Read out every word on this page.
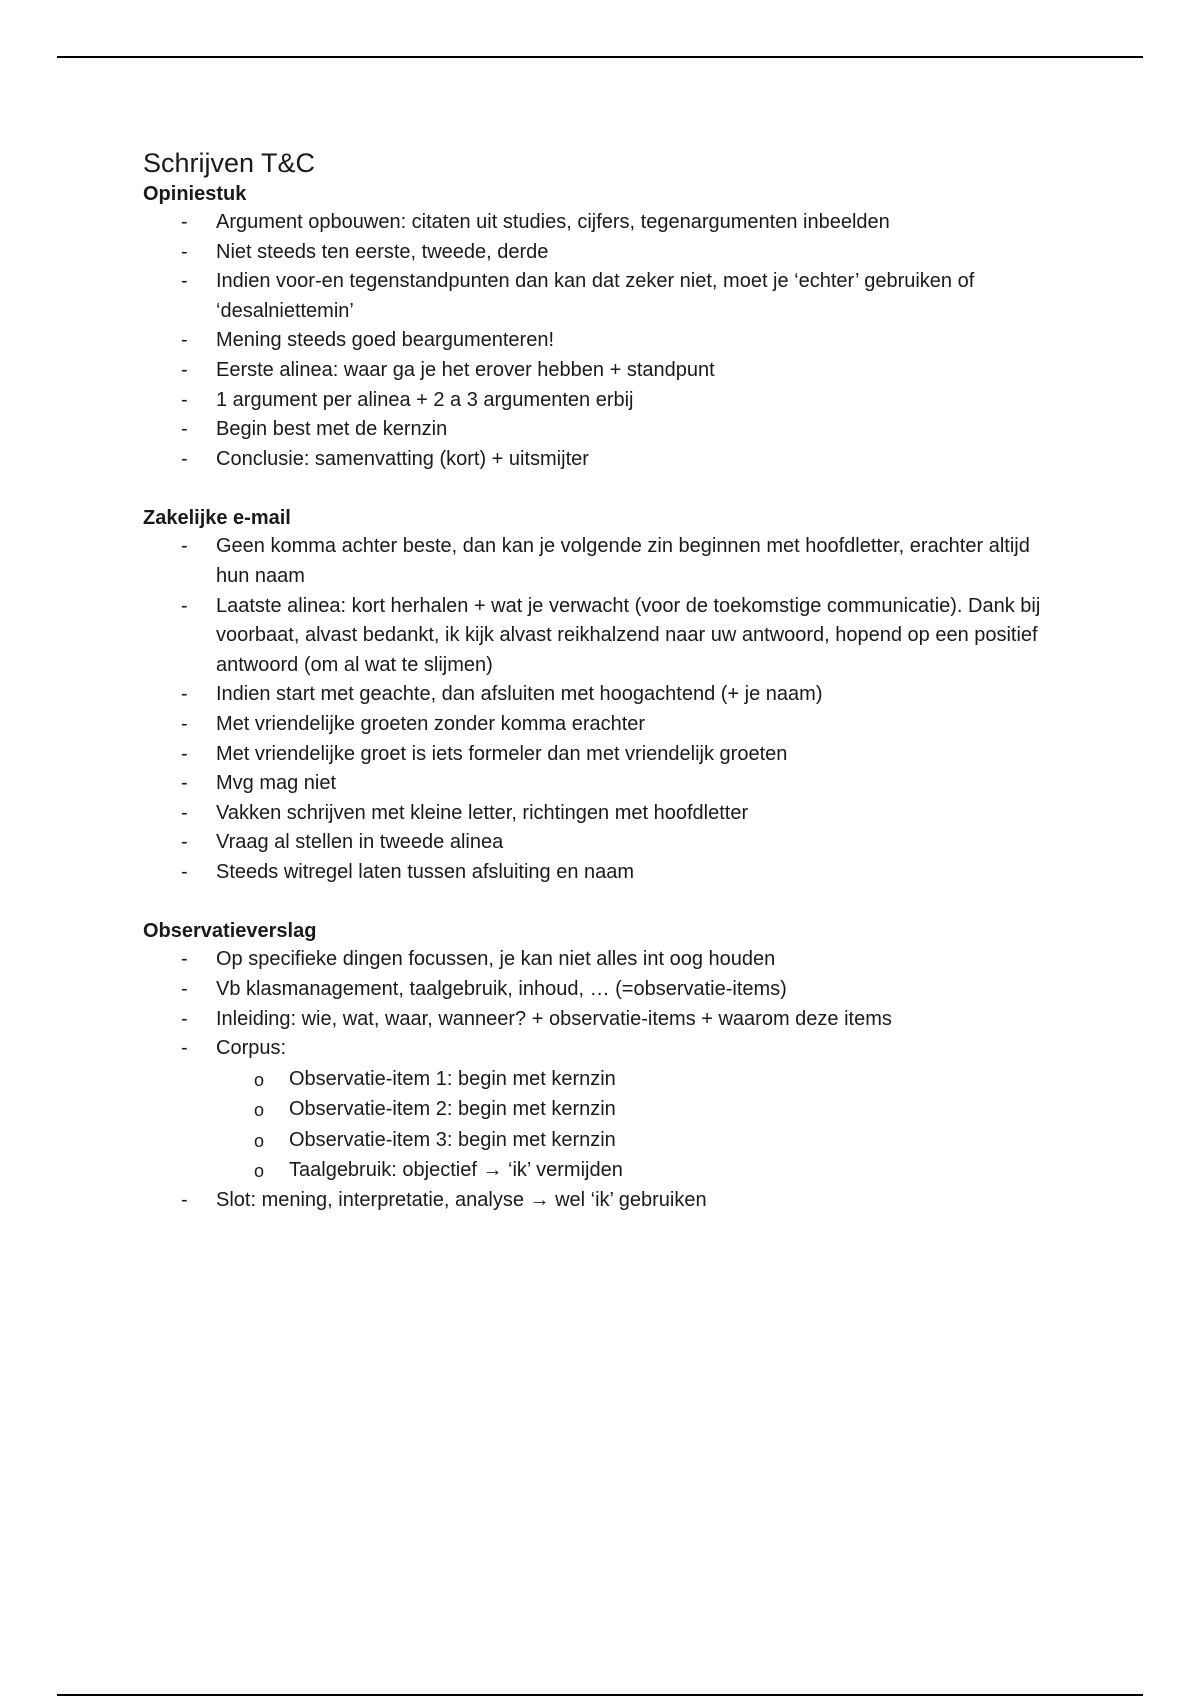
Schrijven T&C

Opiniestuk

- Argument opbouwen: citaten uit studies, cijfers, tegenargumenten inbeelden
- Niet steeds ten eerste, tweede, derde
- Indien voor-en tegenstandpunten dan kan dat zeker niet, moet je ‘echter’ gebruiken of ‘desalniettemin’
- Mening steeds goed beargumenteren!
- Eerste alinea: waar ga je het erover hebben + standpunt
- 1 argument per alinea + 2 a 3 argumenten erbij
- Begin best met de kernzin
- Conclusie: samenvatting (kort) + uitsmijter

Zakelijke e-mail

- Geen komma achter beste, dan kan je volgende zin beginnen met hoofdletter, erachter altijd hun naam
- Laatste alinea: kort herhalen + wat je verwacht (voor de toekomstige communicatie). Dank bij voorbaat, alvast bedankt, ik kijk alvast reikhalzend naar uw antwoord, hopend op een positief antwoord (om al wat te slijmen)
- Indien start met geachte, dan afsluiten met hoogachtend (+ je naam)
- Met vriendelijke groeten zonder komma erachter
- Met vriendelijke groet is iets formeler dan met vriendelijk groeten
- Mvg mag niet
- Vakken schrijven met kleine letter, richtingen met hoofdletter
- Vraag al stellen in tweede alinea
- Steeds witregel laten tussen afsluiting en naam

Observatieverslag

- Op specifieke dingen focussen, je kan niet alles int oog houden
- Vb klasmanagement, taalgebruik, inhoud, … (=observatie-items)
- Inleiding: wie, wat, waar, wanneer? + observatie-items + waarom deze items
- Corpus:
o Observatie-item 1: begin met kernzin
o Observatie-item 2: begin met kernzin
o Observatie-item 3: begin met kernzin
o Taalgebruik: objectief → ‘ik’ vermijden
- Slot: mening, interpretatie, analyse → wel ‘ik’ gebruiken
